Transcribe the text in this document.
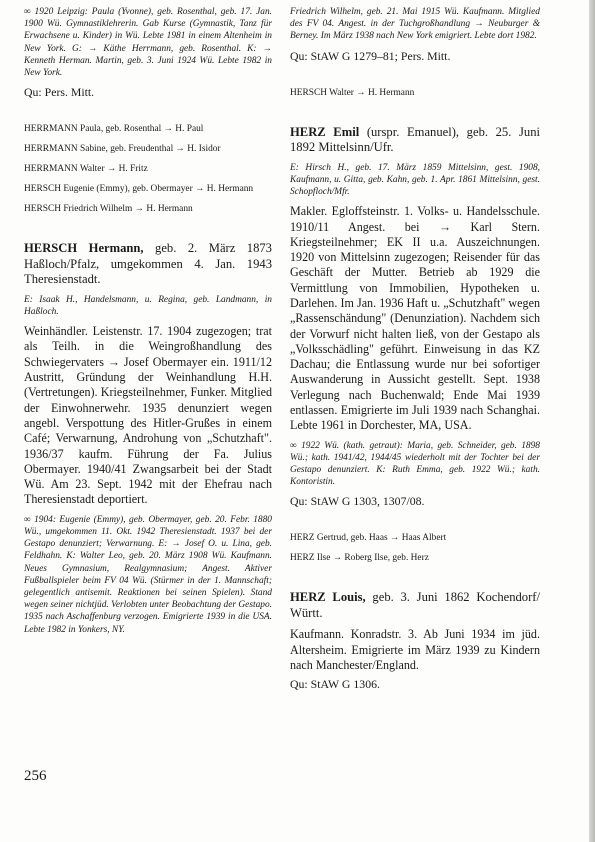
∞ 1920 Leipzig: Paula (Yvonne), geb. Rosenthal, geb. 17. Jan. 1900 Wü. Gymnastiklehrerin. Gab Kurse (Gymnastik, Tanz für Erwachsene u. Kinder) in Wü. Lebte 1981 in einem Altenheim in New York. G: → Käthe Herrmann, geb. Rosenthal. K: → Kenneth Herman. Martin, geb. 3. Juni 1924 Wü. Lebte 1982 in New York.

Qu: Pers. Mitt.

HERRMANN Paula, geb. Rosenthal → H. Paul

HERRMANN Sabine, geb. Freudenthal → H. Isidor

HERRMANN Walter → H. Fritz

HERSCH Eugenie (Emmy), geb. Obermayer → H. Hermann

HERSCH Friedrich Wilhelm → H. Hermann

HERSCH Hermann, geb. 2. März 1873 Haßloch/Pfalz, umgekommen 4. Jan. 1943 Theresienstadt.

E: Isaak H., Handelsmann, u. Regina, geb. Landmann, in Haßloch.

Weinhändler. Leistenstr. 17. 1904 zugezogen; trat als Teilh. in die Weingroßhandlung des Schwiegervaters → Josef Obermayer ein. 1911/12 Austritt, Gründung der Weinhandlung H.H. (Vertretungen). Kriegsteilnehmer, Funker. Mitglied der Einwohnerwehr. 1935 denunziert wegen angebl. Verspottung des Hitler-Grußes in einem Café; Verwarnung, Androhung von „Schutzhaft". 1936/37 kaufm. Führung der Fa. Julius Obermayer. 1940/41 Zwangsarbeit bei der Stadt Wü. Am 23. Sept. 1942 mit der Ehefrau nach Theresienstadt deportiert.

∞ 1904: Eugenie (Emmy), geb. Obermayer, geb. 20. Febr. 1880 Wü., umgekommen 11. Okt. 1942 Theresienstadt. 1937 bei der Gestapo denunziert; Verwarnung. E: → Josef O. u. Lina, geb. Feldhahn. K: Walter Leo, geb. 20. März 1908 Wü. Kaufmann. Neues Gymnasium, Realgymnasium; Angest. Aktiver Fußballspieler beim FV 04 Wü. (Stürmer in der 1. Mannschaft; gelegentlich antisemit. Reaktionen bei seinen Spielen). Stand wegen seiner nichtjüd. Verlobten unter Beobachtung der Gestapo. 1935 nach Aschaffenburg verzogen. Emigrierte 1939 in die USA. Lebte 1982 in Yonkers, NY.

Friedrich Wilhelm, geb. 21. Mai 1915 Wü. Kaufmann. Mitglied des FV 04. Angest. in der Tuchgroßhandlung → Neuburger & Berney. Im März 1938 nach New York emigriert. Lebte dort 1982.

Qu: StAW G 1279–81; Pers. Mitt.

HERSCH Walter → H. Hermann

HERZ Emil (urspr. Emanuel), geb. 25. Juni 1892 Mittelsinn/Ufr.

E: Hirsch H., geb. 17. März 1859 Mittelsinn, gest. 1908, Kaufmann, u. Gitta, geb. Kahn, geb. 1. Apr. 1861 Mittelsinn, gest. Schopfloch/Mfr.

Makler. Egloffsteinstr. 1. Volks- u. Handelsschule. 1910/11 Angest. bei → Karl Stern. Kriegsteilnehmer; EK II u.a. Auszeichnungen. 1920 von Mittelsinn zugezogen; Reisender für das Geschäft der Mutter. Betrieb ab 1929 die Vermittlung von Immobilien, Hypotheken u. Darlehen. Im Jan. 1936 Haft u. „Schutzhaft" wegen „Rassenschändung" (Denunziation). Nachdem sich der Vorwurf nicht halten ließ, von der Gestapo als „Volksschädling" geführt. Einweisung in das KZ Dachau; die Entlassung wurde nur bei sofortiger Auswanderung in Aussicht gestellt. Sept. 1938 Verlegung nach Buchenwald; Ende Mai 1939 entlassen. Emigrierte im Juli 1939 nach Schanghai. Lebte 1961 in Dorchester, MA, USA.

∞ 1922 Wü. (kath. getraut): Maria, geb. Schneider, geb. 1898 Wü.; kath. 1941/42, 1944/45 wiederholt mit der Tochter bei der Gestapo denunziert. K: Ruth Emma, geb. 1922 Wü.; kath. Kontoristin.

Qu: StAW G 1303, 1307/08.

HERZ Gertrud, geb. Haas → Haas Albert

HERZ Ilse → Roberg Ilse, geb. Herz

HERZ Louis, geb. 3. Juni 1862 Kochendorf/ Württ.

Kaufmann. Konradstr. 3. Ab Juni 1934 im jüd. Altersheim. Emigrierte im März 1939 zu Kindern nach Manchester/England.

Qu: StAW G 1306.

256
